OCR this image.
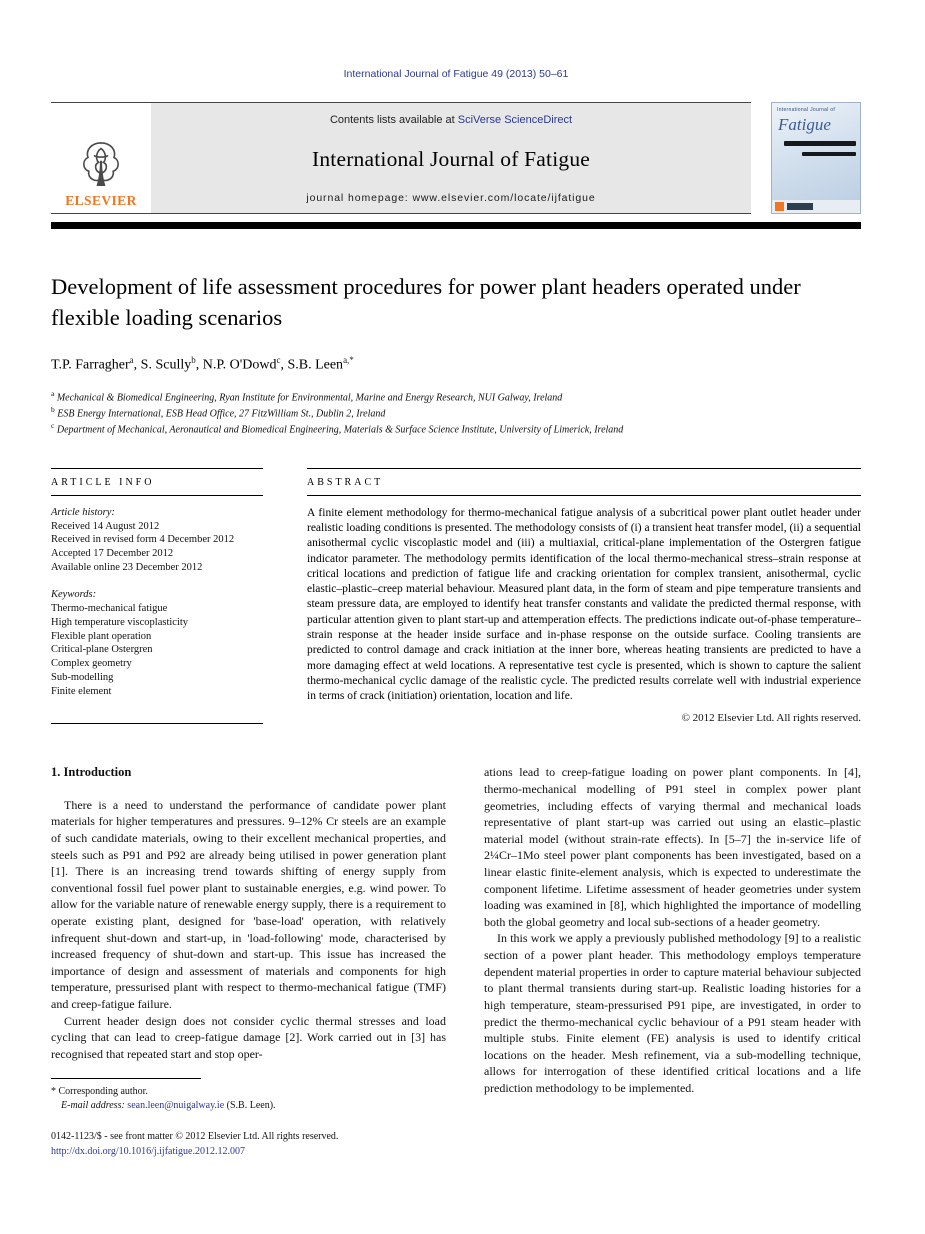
International Journal of Fatigue 49 (2013) 50–61
ELSEVIER
Contents lists available at SciVerse ScienceDirect
International Journal of Fatigue
journal homepage: www.elsevier.com/locate/ijfatigue
International Journal of
Fatigue
Development of life assessment procedures for power plant headers operated under flexible loading scenarios
T.P. Farragher$^a$, S. Scully$^b$, N.P. O'Dowd$^c$, S.B. Leen$^{a,*}$
$^a$ Mechanical & Biomedical Engineering, Ryan Institute for Environmental, Marine and Energy Research, NUI Galway, Ireland
$^b$ ESB Energy International, ESB Head Office, 27 FitzWilliam St., Dublin 2, Ireland
$^c$ Department of Mechanical, Aeronautical and Biomedical Engineering, Materials & Surface Science Institute, University of Limerick, Ireland
ARTICLE INFO
Article history:
Received 14 August 2012
Received in revised form 4 December 2012
Accepted 17 December 2012
Available online 23 December 2012
Keywords:
Thermo-mechanical fatigue
High temperature viscoplasticity
Flexible plant operation
Critical-plane Ostergren
Complex geometry
Sub-modelling
Finite element
ABSTRACT
A finite element methodology for thermo-mechanical fatigue analysis of a subcritical power plant outlet header under realistic loading conditions is presented. The methodology consists of (i) a transient heat transfer model, (ii) a sequential anisothermal cyclic viscoplastic model and (iii) a multiaxial, critical-plane implementation of the Ostergren fatigue indicator parameter. The methodology permits identification of the local thermo-mechanical stress–strain response at critical locations and prediction of fatigue life and cracking orientation for complex transient, anisothermal, cyclic elastic–plastic–creep material behaviour. Measured plant data, in the form of steam and pipe temperature transients and steam pressure data, are employed to identify heat transfer constants and validate the predicted thermal response, with particular attention given to plant start-up and attemperation effects. The predictions indicate out-of-phase temperature–strain response at the header inside surface and in-phase response on the outside surface. Cooling transients are predicted to control damage and crack initiation at the inner bore, whereas heating transients are predicted to have a more damaging effect at weld locations. A representative test cycle is presented, which is shown to capture the salient thermo-mechanical cyclic damage of the realistic cycle. The predicted results correlate well with industrial experience in terms of crack (initiation) orientation, location and life.
© 2012 Elsevier Ltd. All rights reserved.
1. Introduction

There is a need to understand the performance of candidate power plant materials for higher temperatures and pressures. 9–12% Cr steels are an example of such candidate materials, owing to their excellent mechanical properties, and steels such as P91 and P92 are already being utilised in power generation plant [1]. There is an increasing trend towards shifting of energy supply from conventional fossil fuel power plant to sustainable energies, e.g. wind power. To allow for the variable nature of renewable energy supply, there is a requirement to operate existing plant, designed for 'base-load' operation, with relatively infrequent shut-down and start-up, in 'load-following' mode, characterised by increased frequency of shut-down and start-up. This issue has increased the importance of design and assessment of materials and components for high temperature, pressurised plant with respect to thermo-mechanical fatigue (TMF) and creep-fatigue failure.

Current header design does not consider cyclic thermal stresses and load cycling that can lead to creep-fatigue damage [2]. Work carried out in [3] has recognised that repeated start and stop oper-

* Corresponding author.
E-mail address: sean.leen@nuigalway.ie (S.B. Leen).

ations lead to creep-fatigue loading on power plant components. In [4], thermo-mechanical modelling of P91 steel in complex power plant geometries, including effects of varying thermal and mechanical loads representative of plant start-up was carried out using an elastic–plastic material model (without strain-rate effects). In [5–7] the in-service life of 2¼Cr–1Mo steel power plant components has been investigated, based on a linear elastic finite-element analysis, which is expected to underestimate the component lifetime. Lifetime assessment of header geometries under system loading was examined in [8], which highlighted the importance of modelling both the global geometry and local sub-sections of a header geometry.

In this work we apply a previously published methodology [9] to a realistic section of a power plant header. This methodology employs temperature dependent material properties in order to capture material behaviour subjected to plant thermal transients during start-up. Realistic loading histories for a high temperature, steam-pressurised P91 pipe, are investigated, in order to predict the thermo-mechanical cyclic behaviour of a P91 steam header with multiple stubs. Finite element (FE) analysis is used to identify critical locations on the header. Mesh refinement, via a sub-modelling technique, allows for interrogation of these identified critical locations and a life prediction methodology to be implemented.

0142-1123/$ - see front matter © 2012 Elsevier Ltd. All rights reserved.
http://dx.doi.org/10.1016/j.ijfatigue.2012.12.007
